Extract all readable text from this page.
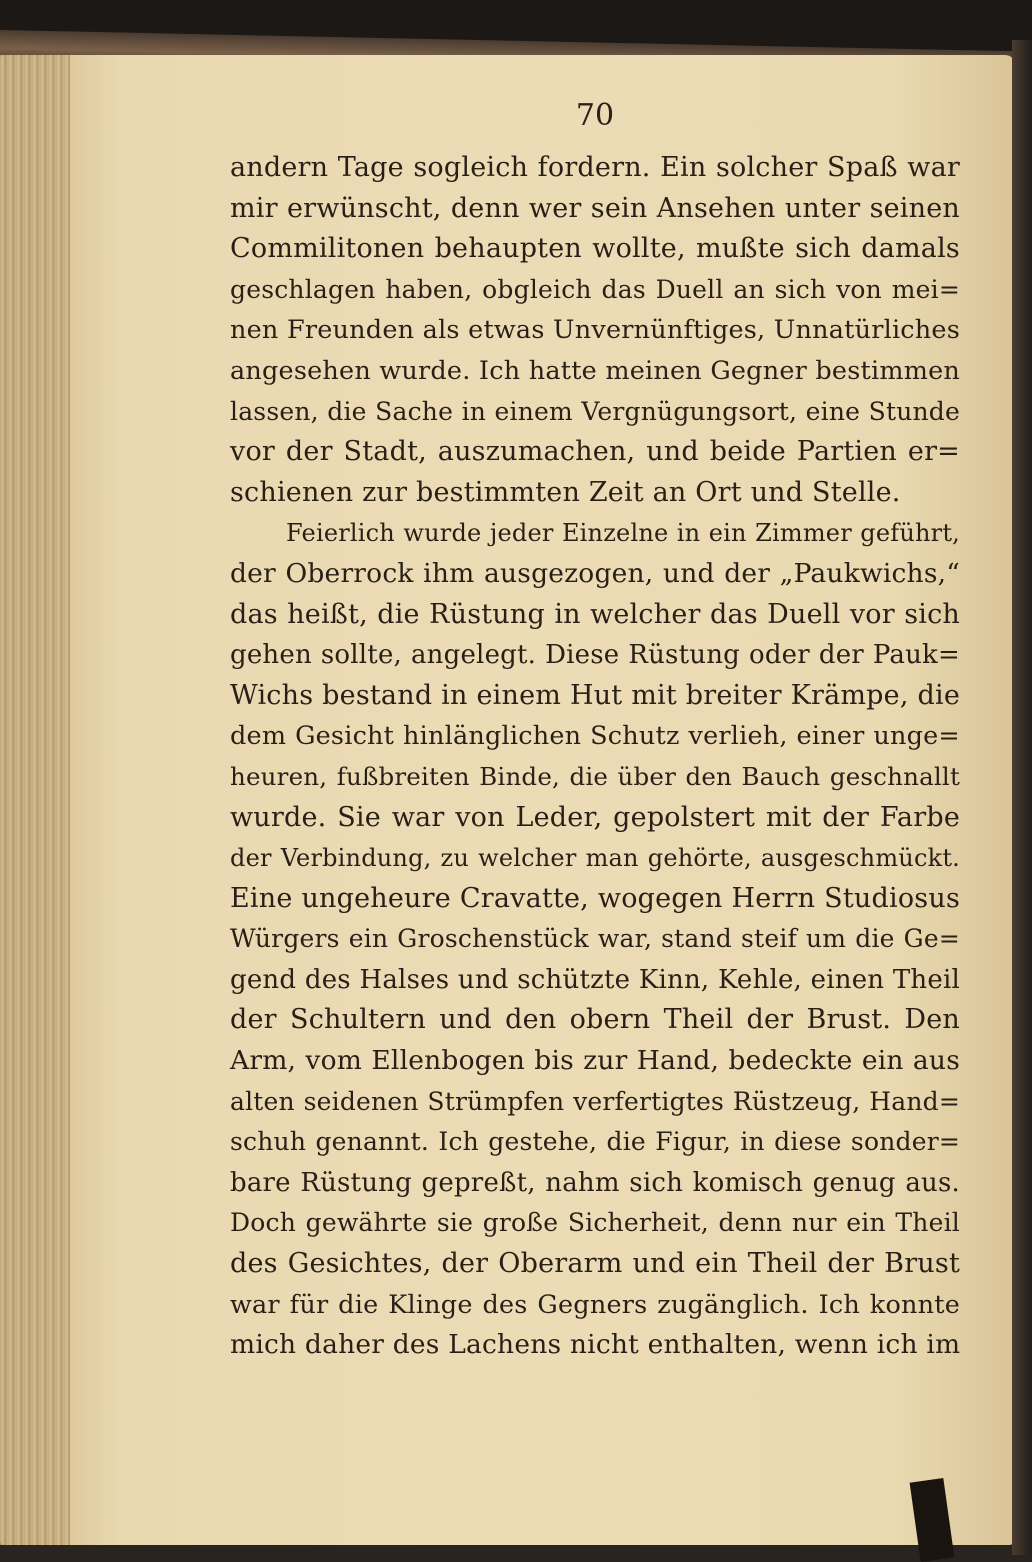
70
andern Tage sogleich fordern. Ein solcher Spaß war
mir erwünscht, denn wer sein Ansehen unter seinen
Commilitonen behaupten wollte, mußte sich damals
geschlagen haben, obgleich das Duell an sich von mei=
nen Freunden als etwas Unvernünftiges, Unnatürliches
angesehen wurde. Ich hatte meinen Gegner bestimmen
lassen, die Sache in einem Vergnügungsort, eine Stunde
vor der Stadt, auszumachen, und beide Partien er=
schienen zur bestimmten Zeit an Ort und Stelle.
Feierlich wurde jeder Einzelne in ein Zimmer geführt,
der Oberrock ihm ausgezogen, und der „Paukwichs,“
das heißt, die Rüstung in welcher das Duell vor sich
gehen sollte, angelegt. Diese Rüstung oder der Pauk=
Wichs bestand in einem Hut mit breiter Krämpe, die
dem Gesicht hinlänglichen Schutz verlieh, einer unge=
heuren, fußbreiten Binde, die über den Bauch geschnallt
wurde. Sie war von Leder, gepolstert mit der Farbe
der Verbindung, zu welcher man gehörte, ausgeschmückt.
Eine ungeheure Cravatte, wogegen Herrn Studiosus
Würgers ein Groschenstück war, stand steif um die Ge=
gend des Halses und schützte Kinn, Kehle, einen Theil
der Schultern und den obern Theil der Brust. Den
Arm, vom Ellenbogen bis zur Hand, bedeckte ein aus
alten seidenen Strümpfen verfertigtes Rüstzeug, Hand=
schuh genannt. Ich gestehe, die Figur, in diese sonder=
bare Rüstung gepreßt, nahm sich komisch genug aus.
Doch gewährte sie große Sicherheit, denn nur ein Theil
des Gesichtes, der Oberarm und ein Theil der Brust
war für die Klinge des Gegners zugänglich. Ich konnte
mich daher des Lachens nicht enthalten, wenn ich im
